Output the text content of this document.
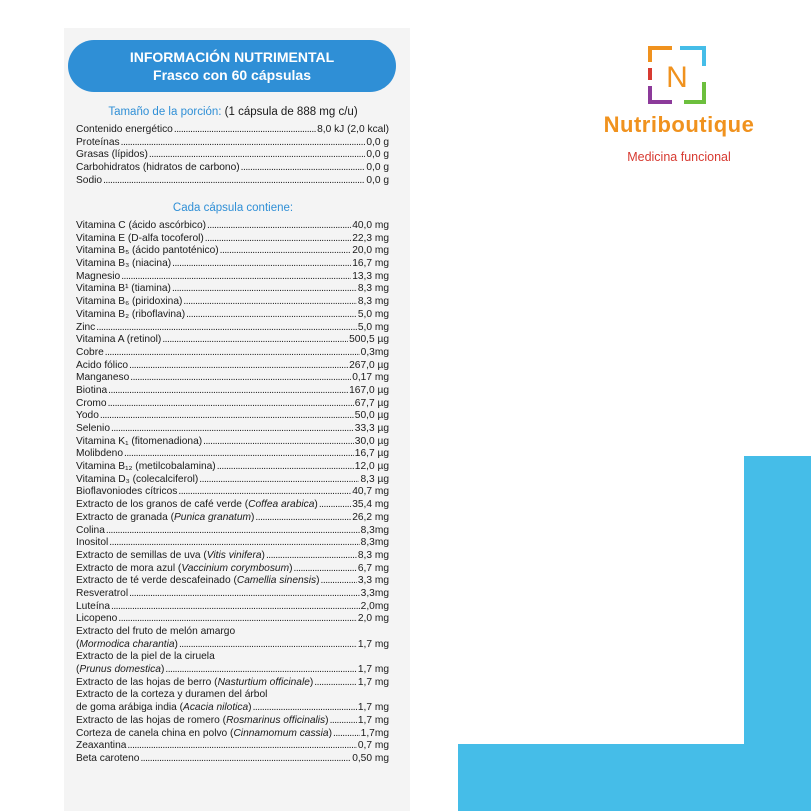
INFORMACIÓN NUTRIMENTAL
Frasco con 60 cápsulas
Tamaño de la porción: (1 cápsula de 888 mg c/u)
Contenido energético .....	8,0 kJ (2,0 kcal)
Proteínas .....	0,0 g
Grasas (lípidos) .....	0,0 g
Carbohidratos (hidratos de carbono) .....	0,0 g
Sodio .....	0,0 g
Cada cápsula contiene:
Vitamina C (ácido ascórbico) .....	40,0 mg
Vitamina E (D-alfa tocoferol) .....	22,3 mg
Vitamina B₅ (ácido pantoténico) .....	20,0 mg
Vitamina B₃ (niacina) .....	16,7 mg
Magnesio .....	13,3 mg
Vitamina B¹ (tiamina) .....	8,3 mg
Vitamina B₆ (piridoxina) .....	8,3 mg
Vitamina B₂ (riboflavina) .....	5,0 mg
Zinc .....	5,0 mg
Vitamina A (retinol) .....	500,5 µg
Cobre .....	0,3mg
Ácido fólico .....	267,0 µg
Manganeso .....	0,17 mg
Biotina .....	167,0 µg
Cromo .....	67,7 µg
Yodo .....	50,0 µg
Selenio .....	33,3 µg
Vitamina K₁ (fitomenadiona) .....	30,0 µg
Molibdeno .....	16,7 µg
Vitamina B₁₂ (metilcobalamina) .....	12,0 µg
Vitamina D₃ (colecalciferol) .....	8,3 µg
Bioflavoniodes cítricos .....	40,7 mg
Extracto de los granos de café verde (Coffea arabica) .....	35,4 mg
Extracto de granada (Punica granatum) .....	26,2 mg
Colina .....	8,3mg
Inositol .....	8,3mg
Extracto de semillas de uva (Vitis vinifera) .....	8,3 mg
Extracto de mora azul (Vaccinium corymbosum) .....	6,7 mg
Extracto de té verde descafeinado (Camellia sinensis) .....	3,3 mg
Resveratrol .....	3,3mg
Luteína .....	2,0mg
Licopeno .....	2,0 mg
Extracto del fruto de melón amargo
(Mormodica charantia) .....	1,7 mg
Extracto de la piel de la ciruela
(Prunus domestica) .....	1,7 mg
Extracto de las hojas de berro (Nasturtium officinale) .....	1,7 mg
Extracto de la corteza y duramen del árbol
de goma arábiga india (Acacia nilotica) .....	1,7 mg
Extracto de las hojas de romero (Rosmarinus officinalis) .....	1,7 mg
Corteza de canela china en polvo (Cinnamomum cassia) .....	1,7mg
Zeaxantina .....	0,7 mg
Beta caroteno .....	0,50 mg
N
Nutriboutique
Medicina funcional
